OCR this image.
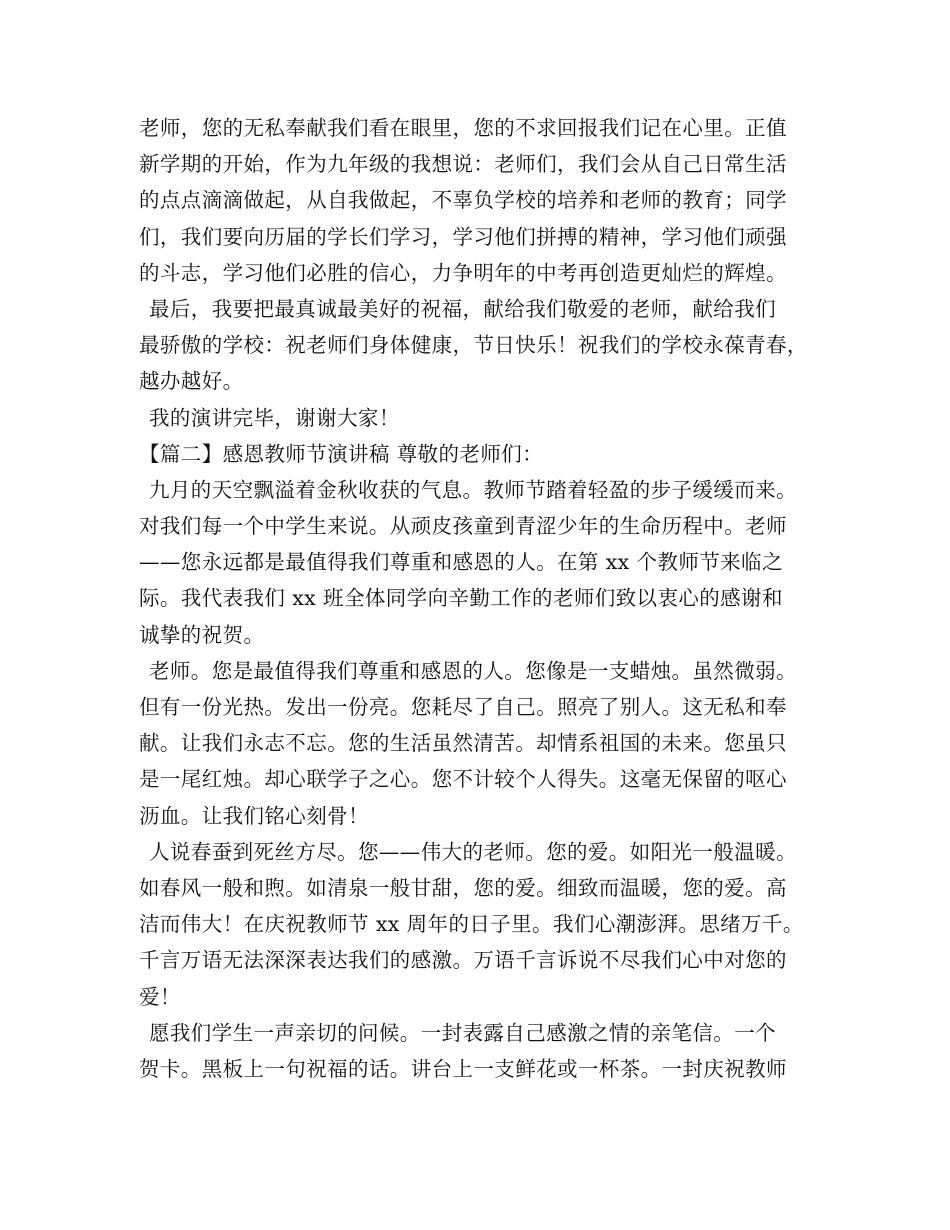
老师，您的无私奉献我们看在眼里，您的不求回报我们记在心里。正值
新学期的开始，作为九年级的我想说：老师们，我们会从自己日常生活
的点点滴滴做起，从自我做起，不辜负学校的培养和老师的教育；同学
们，我们要向历届的学长们学习，学习他们拼搏的精神，学习他们顽强
的斗志，学习他们必胜的信心，力争明年的中考再创造更灿烂的辉煌。
最后，我要把最真诚最美好的祝福，献给我们敬爱的老师，献给我们
最骄傲的学校：祝老师们身体健康，节日快乐！祝我们的学校永葆青春，
越办越好。
我的演讲完毕，谢谢大家！
【篇二】感恩教师节演讲稿 尊敬的老师们：
九月的天空飘溢着金秋收获的气息。教师节踏着轻盈的步子缓缓而来。
对我们每一个中学生来说。从顽皮孩童到青涩少年的生命历程中。老师
——您永远都是最值得我们尊重和感恩的人。在第 xx 个教师节来临之
际。我代表我们 xx 班全体同学向辛勤工作的老师们致以衷心的感谢和
诚挚的祝贺。
老师。您是最值得我们尊重和感恩的人。您像是一支蜡烛。虽然微弱。
但有一份光热。发出一份亮。您耗尽了自己。照亮了别人。这无私和奉
献。让我们永志不忘。您的生活虽然清苦。却情系祖国的未来。您虽只
是一尾红烛。却心联学子之心。您不计较个人得失。这毫无保留的呕心
沥血。让我们铭心刻骨！
人说春蚕到死丝方尽。您——伟大的老师。您的爱。如阳光一般温暖。
如春风一般和煦。如清泉一般甘甜，您的爱。细致而温暖，您的爱。高
洁而伟大！在庆祝教师节 xx 周年的日子里。我们心潮澎湃。思绪万千。
千言万语无法深深表达我们的感激。万语千言诉说不尽我们心中对您的
爱！
愿我们学生一声亲切的问候。一封表露自己感激之情的亲笔信。一个
贺卡。黑板上一句祝福的话。讲台上一支鲜花或一杯茶。一封庆祝教师
